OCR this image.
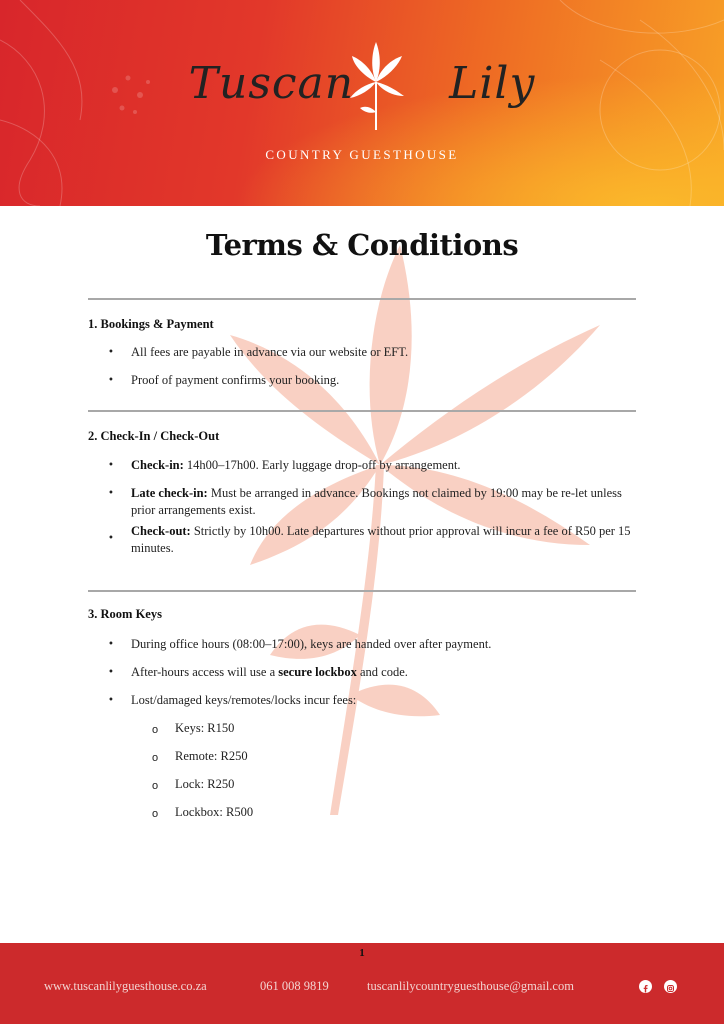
Tuscan Lily
COUNTRY GUESTHOUSE
Terms & Conditions
1. Bookings & Payment
• All fees are payable in advance via our website or EFT.
• Proof of payment confirms your booking.
2. Check-In / Check-Out
• Check-in: 14h00–17h00. Early luggage drop-off by arrangement.
• Late check-in: Must be arranged in advance. Bookings not claimed by 19:00 may be re-let unless prior arrangements exist.
•
Check-out: Strictly by 10h00. Late departures without prior approval will incur a fee of R50 per 15 minutes.
3. Room Keys
• During office hours (08:00–17:00), keys are handed over after payment.
• After-hours access will use a secure lockbox and code.
• Lost/damaged keys/remotes/locks incur fees:
o Keys: R150
o Remote: R250
o Lock: R250
o Lockbox: R500
1
www.tuscanlilyguesthouse.co.za	061 008 9819	tuscanlilycountryguesthouse@gmail.com
